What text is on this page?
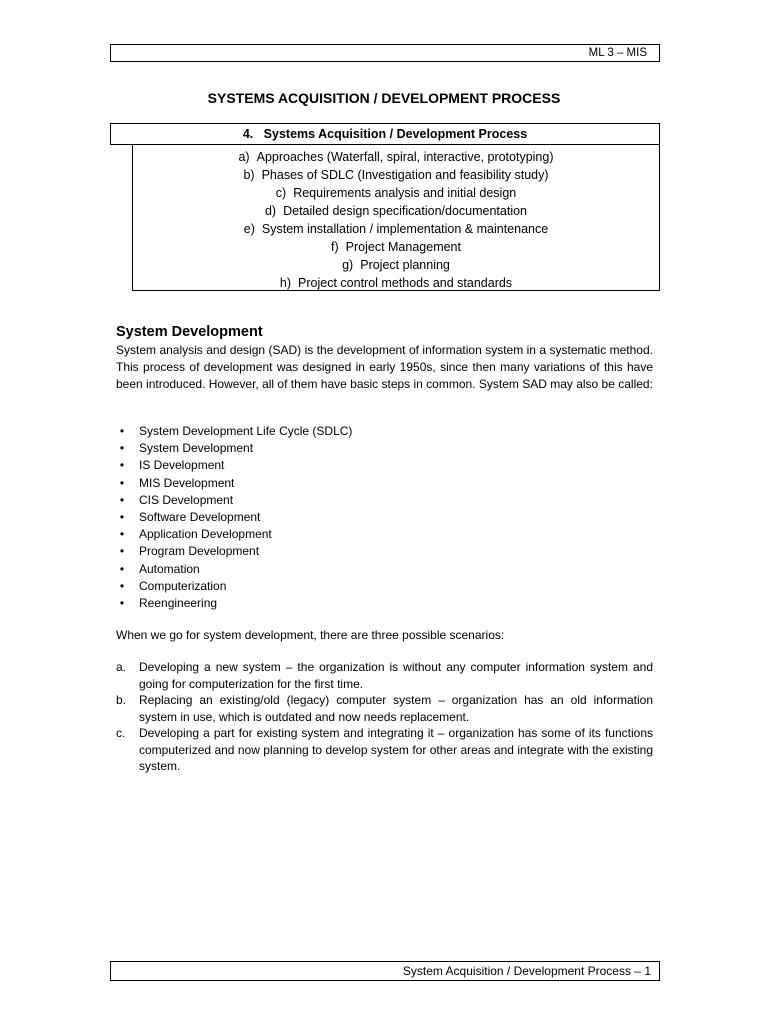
ML 3 – MIS
SYSTEMS ACQUISITION / DEVELOPMENT PROCESS
4. Systems Acquisition / Development Process
a) Approaches (Waterfall, spiral, interactive, prototyping)
b) Phases of SDLC (Investigation and feasibility study)
c) Requirements analysis and initial design
d) Detailed design specification/documentation
e) System installation / implementation & maintenance
f) Project Management
g) Project planning
h) Project control methods and standards
System Development
System analysis and design (SAD) is the development of information system in a systematic method. This process of development was designed in early 1950s, since then many variations of this have been introduced. However, all of them have basic steps in common. System SAD may also be called:
•	System Development Life Cycle (SDLC)
•	System Development
•	IS Development
•	MIS Development
•	CIS Development
•	Software Development
•	Application Development
•	Program Development
•	Automation
•	Computerization
•	Reengineering
When we go for system development, there are three possible scenarios:
a. Developing a new system – the organization is without any computer information system and going for computerization for the first time.
b. Replacing an existing/old (legacy) computer system – organization has an old information system in use, which is outdated and now needs replacement.
c. Developing a part for existing system and integrating it – organization has some of its functions computerized and now planning to develop system for other areas and integrate with the existing system.
System Acquisition / Development Process – 1
